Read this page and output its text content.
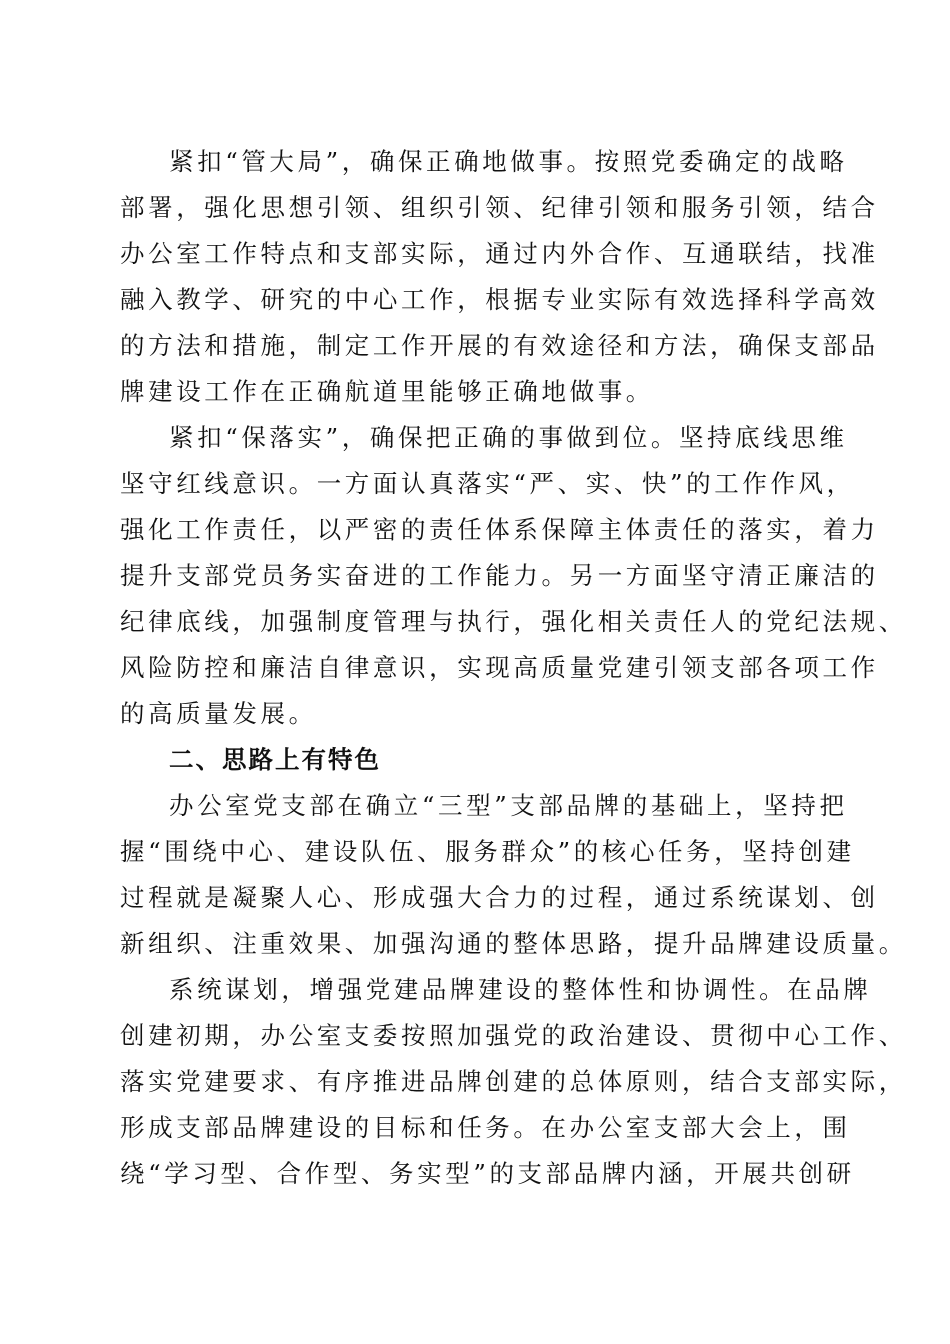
紧扣“管大局”，确保正确地做事。按照党委确定的战略
部署，强化思想引领、组织引领、纪律引领和服务引领，结合
办公室工作特点和支部实际，通过内外合作、互通联结，找准
融入教学、研究的中心工作，根据专业实际有效选择科学高效
的方法和措施，制定工作开展的有效途径和方法，确保支部品
牌建设工作在正确航道里能够正确地做事。
紧扣“保落实”，确保把正确的事做到位。坚持底线思维
坚守红线意识。一方面认真落实“严、实、快”的工作作风，
强化工作责任，以严密的责任体系保障主体责任的落实，着力
提升支部党员务实奋进的工作能力。另一方面坚守清正廉洁的
纪律底线，加强制度管理与执行，强化相关责任人的党纪法规、
风险防控和廉洁自律意识，实现高质量党建引领支部各项工作
的高质量发展。
二、思路上有特色
办公室党支部在确立“三型”支部品牌的基础上，坚持把
握“围绕中心、建设队伍、服务群众”的核心任务，坚持创建
过程就是凝聚人心、形成强大合力的过程，通过系统谋划、创
新组织、注重效果、加强沟通的整体思路，提升品牌建设质量。
系统谋划，增强党建品牌建设的整体性和协调性。在品牌
创建初期，办公室支委按照加强党的政治建设、贯彻中心工作、
落实党建要求、有序推进品牌创建的总体原则，结合支部实际，
形成支部品牌建设的目标和任务。在办公室支部大会上，围
绕“学习型、合作型、务实型”的支部品牌内涵，开展共创研
